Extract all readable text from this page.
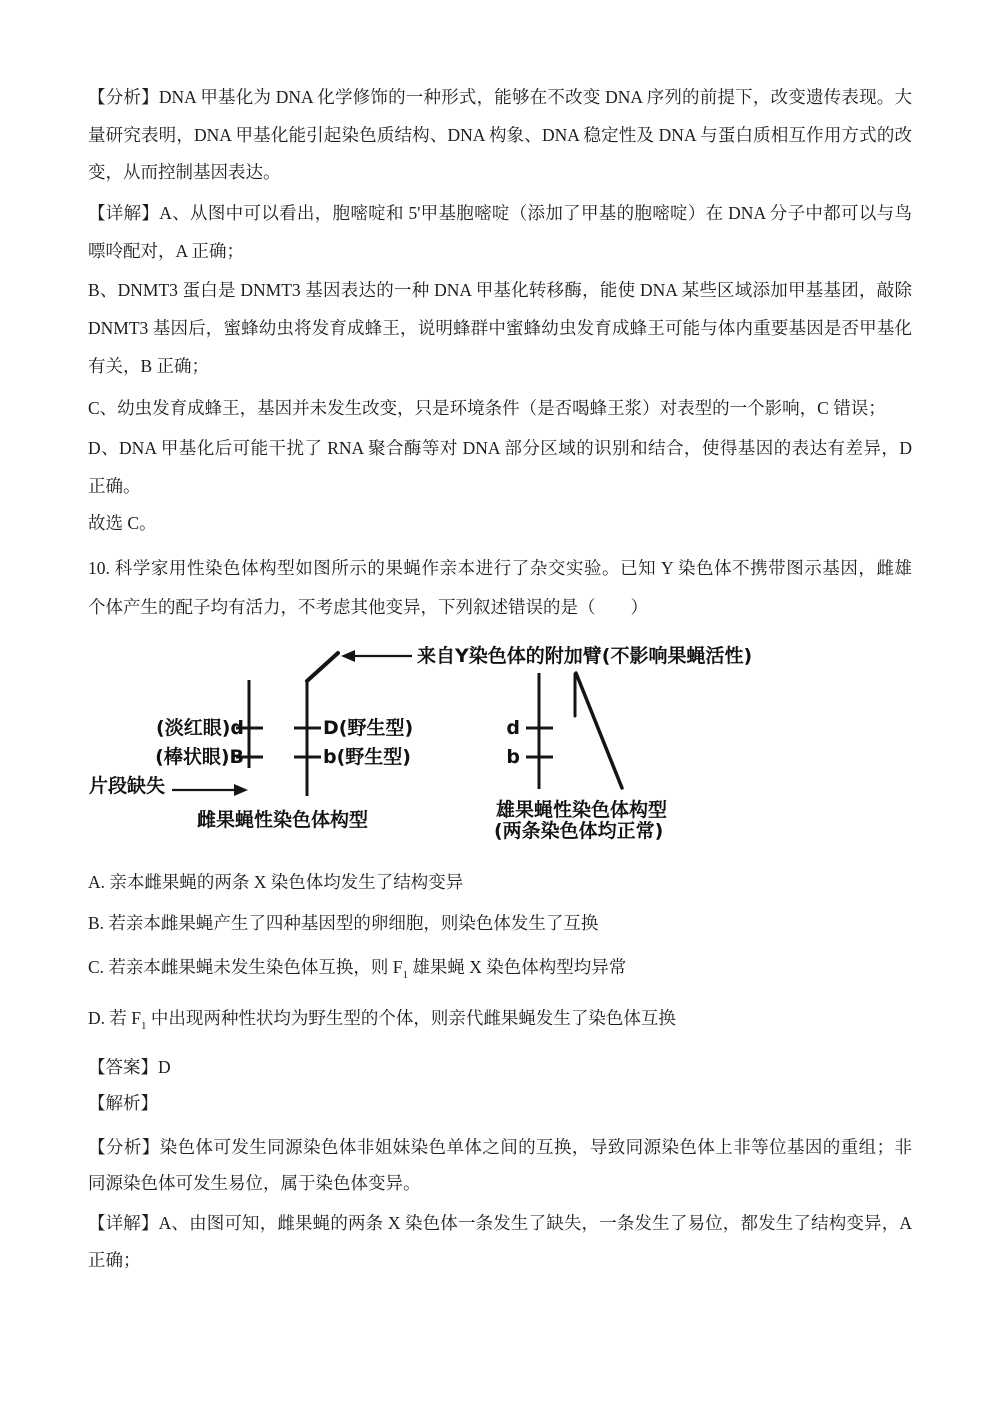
【分析】DNA 甲基化为 DNA 化学修饰的一种形式，能够在不改变 DNA 序列的前提下，改变遗传表现。大
量研究表明，DNA 甲基化能引起染色质结构、DNA 构象、DNA 稳定性及 DNA 与蛋白质相互作用方式的改
变，从而控制基因表达。
【详解】A、从图中可以看出，胞嘧啶和 5'甲基胞嘧啶（添加了甲基的胞嘧啶）在 DNA 分子中都可以与鸟
嘌呤配对，A 正确；
B、DNMT3 蛋白是 DNMT3 基因表达的一种 DNA 甲基化转移酶，能使 DNA 某些区域添加甲基基团，敲除
DNMT3 基因后，蜜蜂幼虫将发育成蜂王，说明蜂群中蜜蜂幼虫发育成蜂王可能与体内重要基因是否甲基化
有关，B 正确；
C、幼虫发育成蜂王，基因并未发生改变，只是环境条件（是否喝蜂王浆）对表型的一个影响，C 错误；
D、DNA 甲基化后可能干扰了 RNA 聚合酶等对 DNA 部分区域的识别和结合，使得基因的表达有差异，D
正确。
故选 C。
10. 科学家用性染色体构型如图所示的果蝇作亲本进行了杂交实验。已知 Y 染色体不携带图示基因，雌雄
个体产生的配子均有活力，不考虑其他变异，下列叙述错误的是（　　）
来自Y染色体的附加臂(不影响果蝇活性)
(淡红眼)d
(棒状眼)B
D(野生型)
b(野生型)
d
b
片段缺失
雌果蝇性染色体构型	雄果蝇性染色体构型
(两条染色体均正常)
A. 亲本雌果蝇的两条 X 染色体均发生了结构变异
B. 若亲本雌果蝇产生了四种基因型的卵细胞，则染色体发生了互换
C. 若亲本雌果蝇未发生染色体互换，则 $F_1$ 雄果蝇 X 染色体构型均异常
D. 若 $F_1$ 中出现两种性状均为野生型的个体，则亲代雌果蝇发生了染色体互换
【答案】D
【解析】
【分析】染色体可发生同源染色体非姐妹染色单体之间的互换，导致同源染色体上非等位基因的重组；非
同源染色体可发生易位，属于染色体变异。
【详解】A、由图可知，雌果蝇的两条 X 染色体一条发生了缺失，一条发生了易位，都发生了结构变异，A
正确；
